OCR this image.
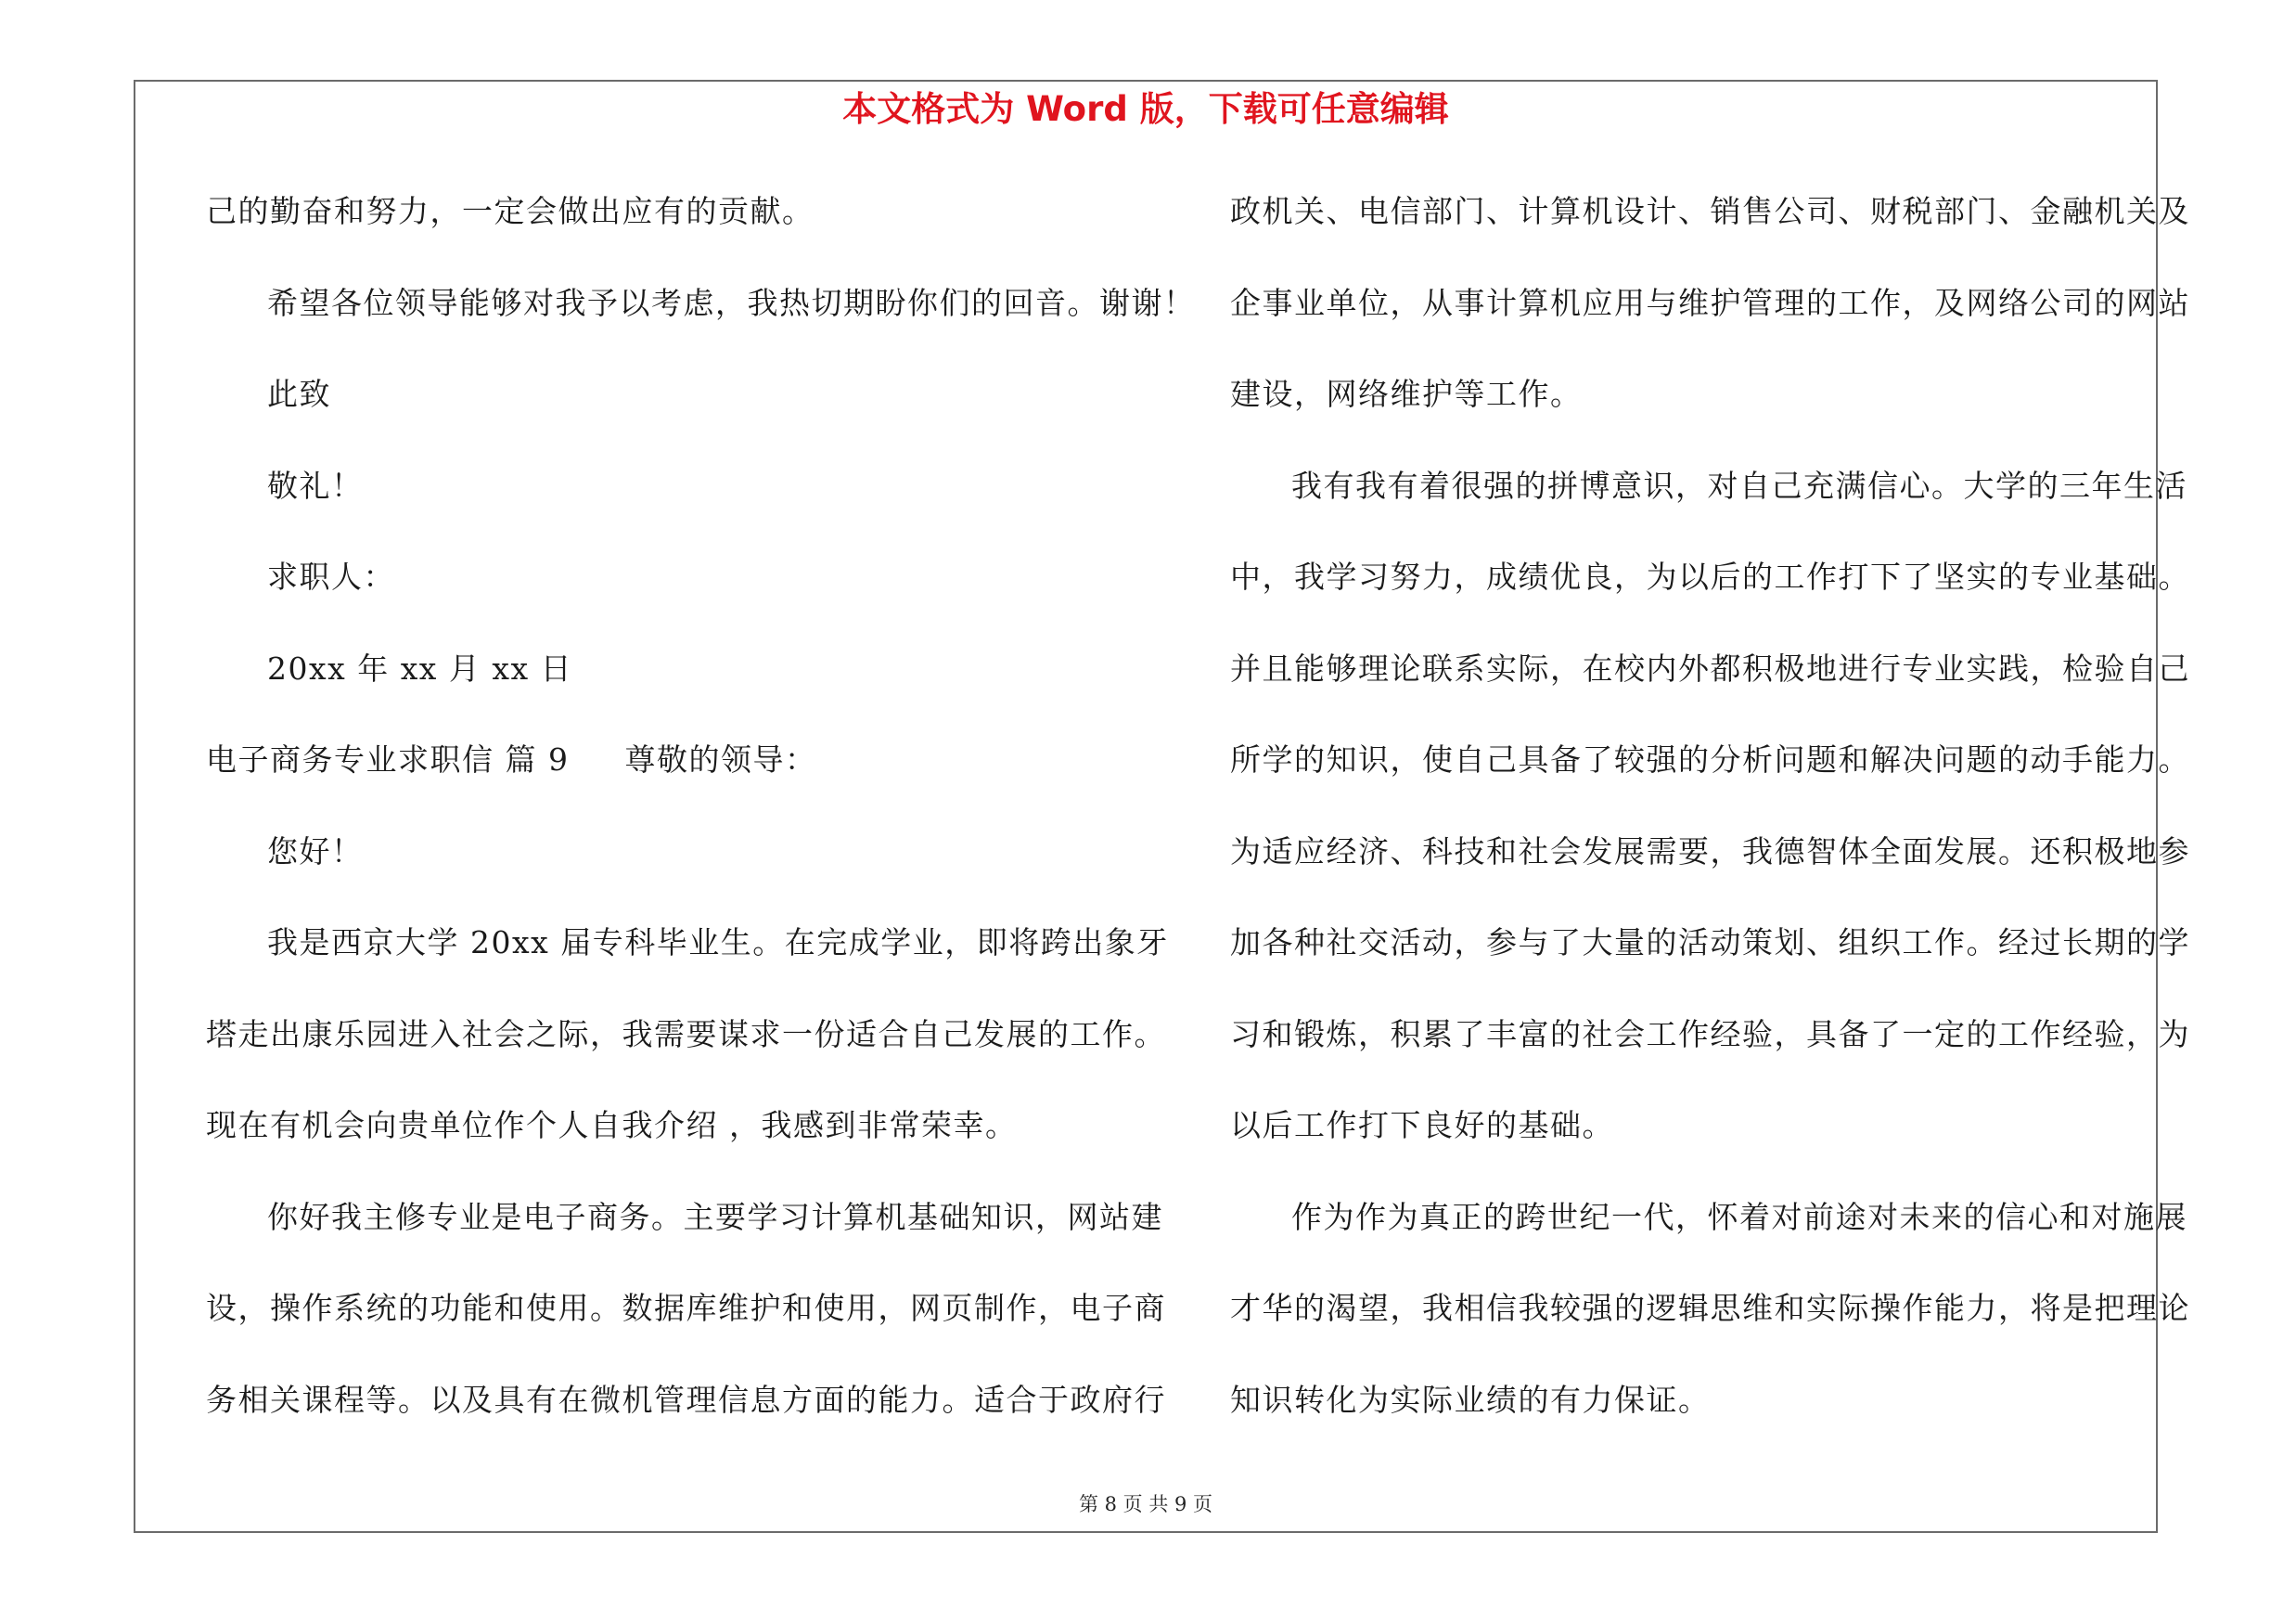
本文格式为 Word 版，下载可任意编辑
己的勤奋和努力，一定会做出应有的贡献。
希望各位领导能够对我予以考虑，我热切期盼你们的回音。谢谢！
此致
敬礼！
求职人：
20xx 年 xx 月 xx 日
电子商务专业求职信 篇 9 尊敬的领导：
您好！
我是西京大学 20xx 届专科毕业生。在完成学业，即将跨出象牙
塔走出康乐园进入社会之际，我需要谋求一份适合自己发展的工作。
现在有机会向贵单位作个人自我介绍 ，我感到非常荣幸。
你好我主修专业是电子商务。主要学习计算机基础知识，网站建
设，操作系统的功能和使用。数据库维护和使用，网页制作，电子商
务相关课程等。以及具有在微机管理信息方面的能力。适合于政府行
政机关、电信部门、计算机设计、销售公司、财税部门、金融机关及
企事业单位，从事计算机应用与维护管理的工作，及网络公司的网站
建设，网络维护等工作。
我有我有着很强的拼博意识，对自己充满信心。大学的三年生活
中，我学习努力，成绩优良，为以后的工作打下了坚实的专业基础。
并且能够理论联系实际，在校内外都积极地进行专业实践，检验自己
所学的知识，使自己具备了较强的分析问题和解决问题的动手能力。
为适应经济、科技和社会发展需要，我德智体全面发展。还积极地参
加各种社交活动，参与了大量的活动策划、组织工作。经过长期的学
习和锻炼，积累了丰富的社会工作经验，具备了一定的工作经验，为
以后工作打下良好的基础。
作为作为真正的跨世纪一代，怀着对前途对未来的信心和对施展
才华的渴望，我相信我较强的逻辑思维和实际操作能力，将是把理论
知识转化为实际业绩的有力保证。
第 8 页 共 9 页
